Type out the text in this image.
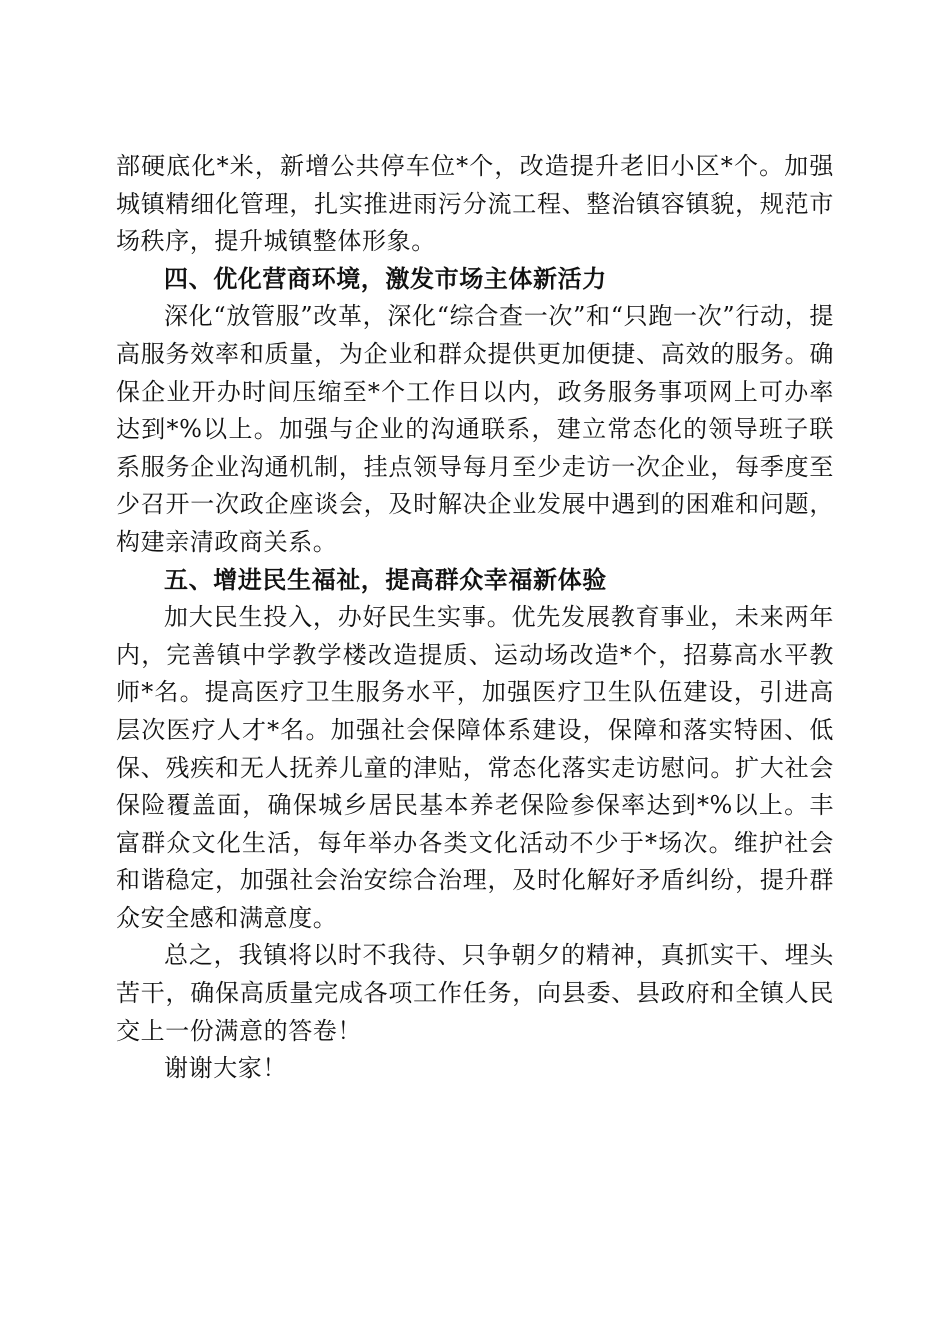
部硬底化*米，新增公共停车位*个，改造提升老旧小区*个。加强城镇精细化管理，扎实推进雨污分流工程、整治镇容镇貌，规范市场秩序，提升城镇整体形象。

四、优化营商环境，激发市场主体新活力

深化“放管服”改革，深化“综合查一次”和“只跑一次”行动，提高服务效率和质量，为企业和群众提供更加便捷、高效的服务。确保企业开办时间压缩至*个工作日以内，政务服务事项网上可办率达到*%以上。加强与企业的沟通联系，建立常态化的领导班子联系服务企业沟通机制，挂点领导每月至少走访一次企业，每季度至少召开一次政企座谈会，及时解决企业发展中遇到的困难和问题，构建亲清政商关系。

五、增进民生福祉，提高群众幸福新体验

加大民生投入，办好民生实事。优先发展教育事业，未来两年内，完善镇中学教学楼改造提质、运动场改造*个，招募高水平教师*名。提高医疗卫生服务水平，加强医疗卫生队伍建设，引进高层次医疗人才*名。加强社会保障体系建设，保障和落实特困、低保、残疾和无人抚养儿童的津贴，常态化落实走访慰问。扩大社会保险覆盖面，确保城乡居民基本养老保险参保率达到*%以上。丰富群众文化生活，每年举办各类文化活动不少于*场次。维护社会和谐稳定，加强社会治安综合治理，及时化解好矛盾纠纷，提升群众安全感和满意度。

总之，我镇将以时不我待、只争朝夕的精神，真抓实干、埋头苦干，确保高质量完成各项工作任务，向县委、县政府和全镇人民交上一份满意的答卷！

谢谢大家！
